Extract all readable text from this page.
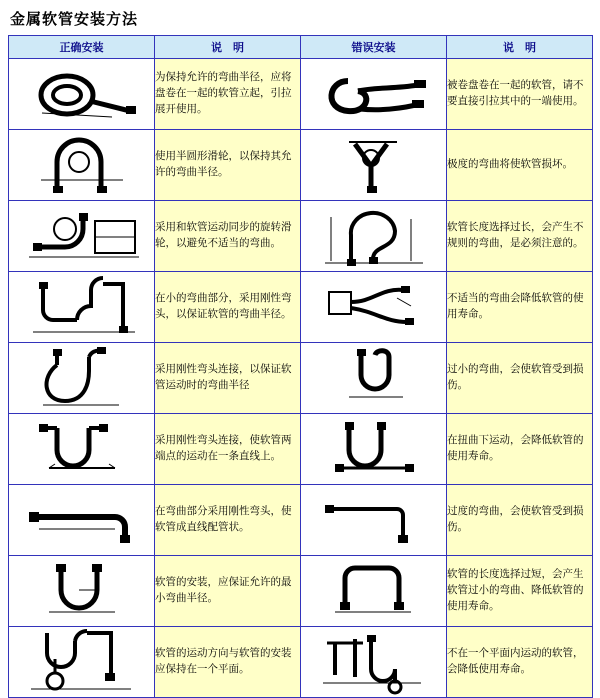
金属软管安装方法
正确安装	说　明	错误安装	说　明

	为保持允许的弯曲半径，应将盘卷在一起的软管立起，引拉展开使用。		被卷盘卷在一起的软管，请不要直接引拉其中的一端使用。

	使用半圆形滑轮，以保持其允许的弯曲半径。		极度的弯曲将使软管损坏。

	采用和软管运动同步的旋转滑轮，以避免不适当的弯曲。		软管长度选择过长，会产生不规则的弯曲，是必须注意的。

	在小的弯曲部分，采用刚性弯头，以保证软管的弯曲半径。		不适当的弯曲会降低软管的使用寿命。

	采用刚性弯头连接，以保证软管运动时的弯曲半径		过小的弯曲，会使软管受到损伤。

	采用刚性弯头连接，使软管两端点的运动在一条直线上。		在扭曲下运动，会降低软管的使用寿命。

	在弯曲部分采用刚性弯头，使软管成直线配管状。		过度的弯曲，会使软管受到损伤。

	软管的安装，应保证允许的最小弯曲半径。		软管的长度选择过短，会产生软管过小的弯曲、降低软管的使用寿命。

	软管的运动方向与软管的安装应保持在一个平面。		不在一个平面内运动的软管，会降低使用寿命。
